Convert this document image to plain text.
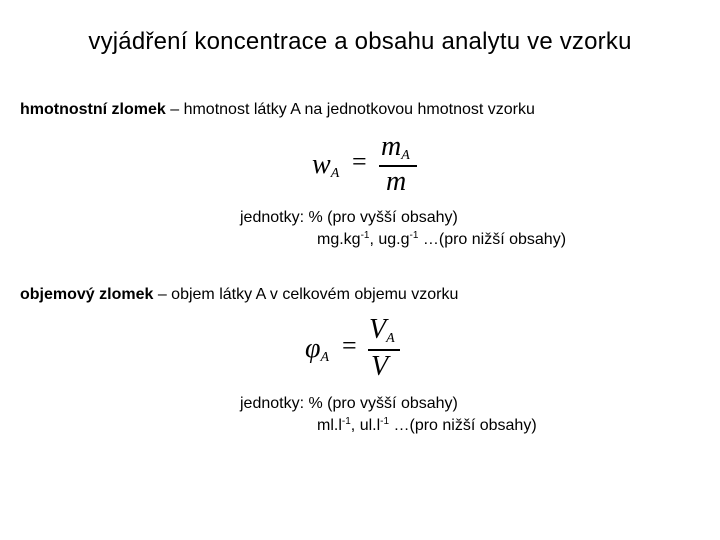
vyjádření koncentrace a obsahu analytu ve vzorku
hmotnostní zlomek – hmotnost látky A na jednotkovou hmotnost vzorku
$w_A = m_A$
m
jednotky: % (pro vyšší obsahy)
$mg.kg^{-1}$, $ug.g^{-1}$ …(pro nižší obsahy)
objemový zlomek – objem látky A v celkovém objemu vzorku
$\varphi_A$ =
$V_A$
V
jednotky: % (pro vyšší obsahy)
$ml.l^{-1}$, $ul.l^{-1}$ …(pro nižší obsahy)
